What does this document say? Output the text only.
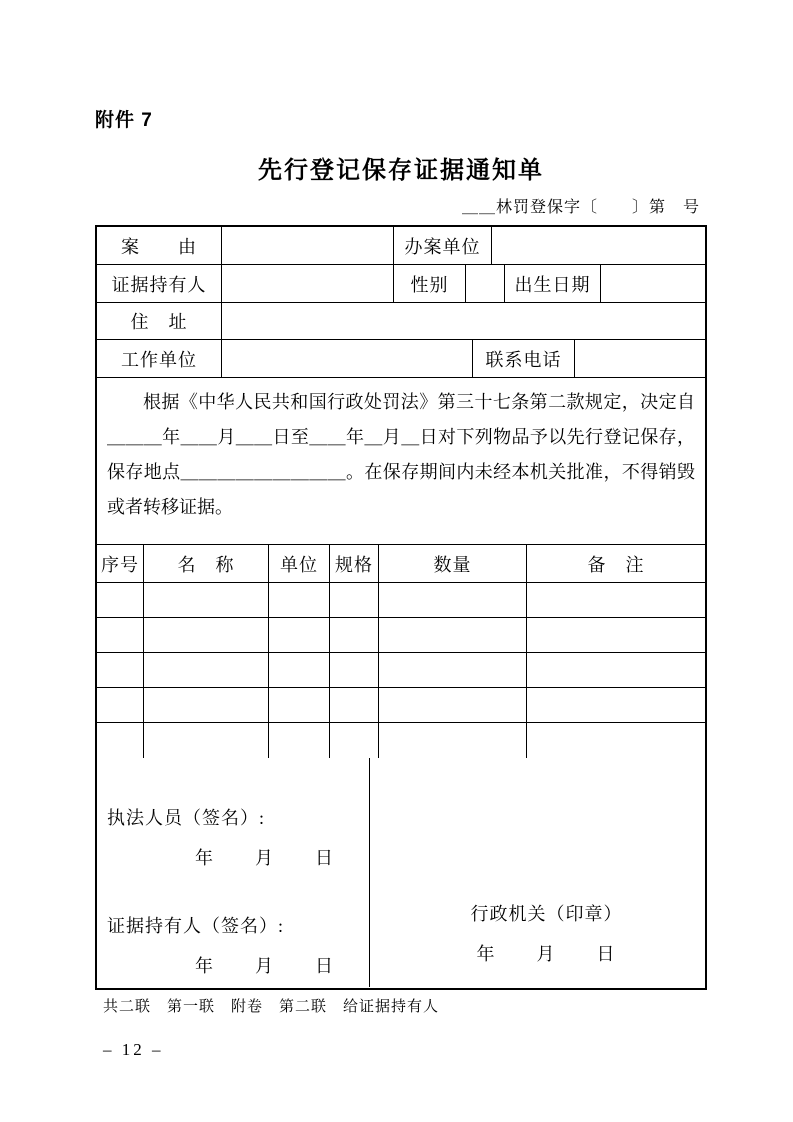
附件 7
先行登记保存证据通知单
＿＿林罚登保字〔　　〕第　号
案　　由	办案单位
证据持有人	性别	出生日期
住　址
工作单位	联系电话

根据《中华人民共和国行政处罚法》第三十七条第二款规定，决定自＿＿＿年＿＿月＿＿日至＿＿年＿月＿日对下列物品予以先行登记保存，保存地点＿＿＿＿＿＿＿＿＿。在保存期间内未经本机关批准，不得销毁或者转移证据。

序号	名　称	单位 规格	数量	备　注
执法人员（签名）:
年　　月　　日
证据持有人（签名）:
年　　月　　日
行政机关（印章）
年　　月　　日
共二联　第一联　附卷　第二联　给证据持有人
– 12 –
